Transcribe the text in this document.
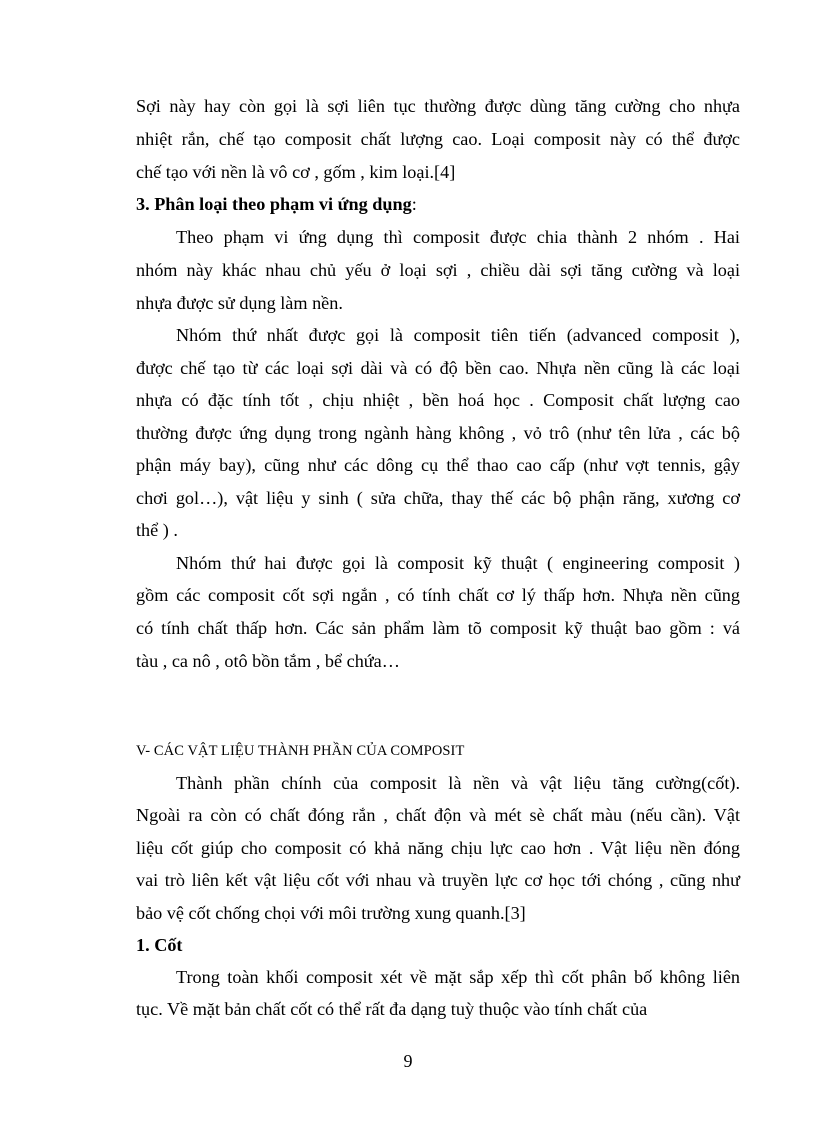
Sợi này hay còn gọi là sợi liên tục thường được dùng tăng cường cho nhựa
nhiệt rắn, chế tạo composit chất lượng cao. Loại composit này có thể được
chế tạo với nền là vô cơ , gốm , kim loại.[4]
3. Phân loại theo phạm vi ứng dụng:
Theo phạm vi ứng dụng thì composit được chia thành 2 nhóm . Hai
nhóm này khác nhau chủ yếu ở loại sợi , chiều dài sợi tăng cường và loại
nhựa được sử dụng làm nền.
Nhóm thứ nhất được gọi là composit tiên tiến (advanced composit ),
được chế tạo từ các loại sợi dài và có độ bền cao. Nhựa nền cũng là các loại
nhựa có đặc tính tốt , chịu nhiệt , bền hoá học . Composit chất lượng cao
thường được ứng dụng trong ngành hàng không , vỏ trô (như tên lửa , các bộ
phận máy bay), cũng như các dông cụ thể thao cao cấp (như vợt tennis, gậy
chơi gol…), vật liệu y sinh ( sửa chữa, thay thế các bộ phận răng, xương cơ
thể ) .
Nhóm thứ hai được gọi là composit kỹ thuật ( engineering composit )
gồm các composit cốt sợi ngắn , có tính chất cơ lý thấp hơn. Nhựa nền cũng
có tính chất thấp hơn. Các sản phẩm làm tõ composit kỹ thuật bao gồm : vá
tàu , ca nô , otô bồn tắm , bể chứa…
V- CÁC VẬT LIỆU THÀNH PHẦN CỦA COMPOSIT
Thành phần chính của composit là nền và vật liệu tăng cường(cốt).
Ngoài ra còn có chất đóng rắn , chất độn và mét sè chất màu (nếu cần). Vật
liệu cốt giúp cho composit có khả năng chịu lực cao hơn . Vật liệu nền đóng
vai trò liên kết vật liệu cốt với nhau và truyền lực cơ học tới chóng , cũng như
bảo vệ cốt chống chọi với môi trường xung quanh.[3]
1. Cốt
Trong toàn khối composit xét về mặt sắp xếp thì cốt phân bố không liên
tục. Về mặt bản chất cốt có thể rất đa dạng tuỳ thuộc vào tính chất của
9
